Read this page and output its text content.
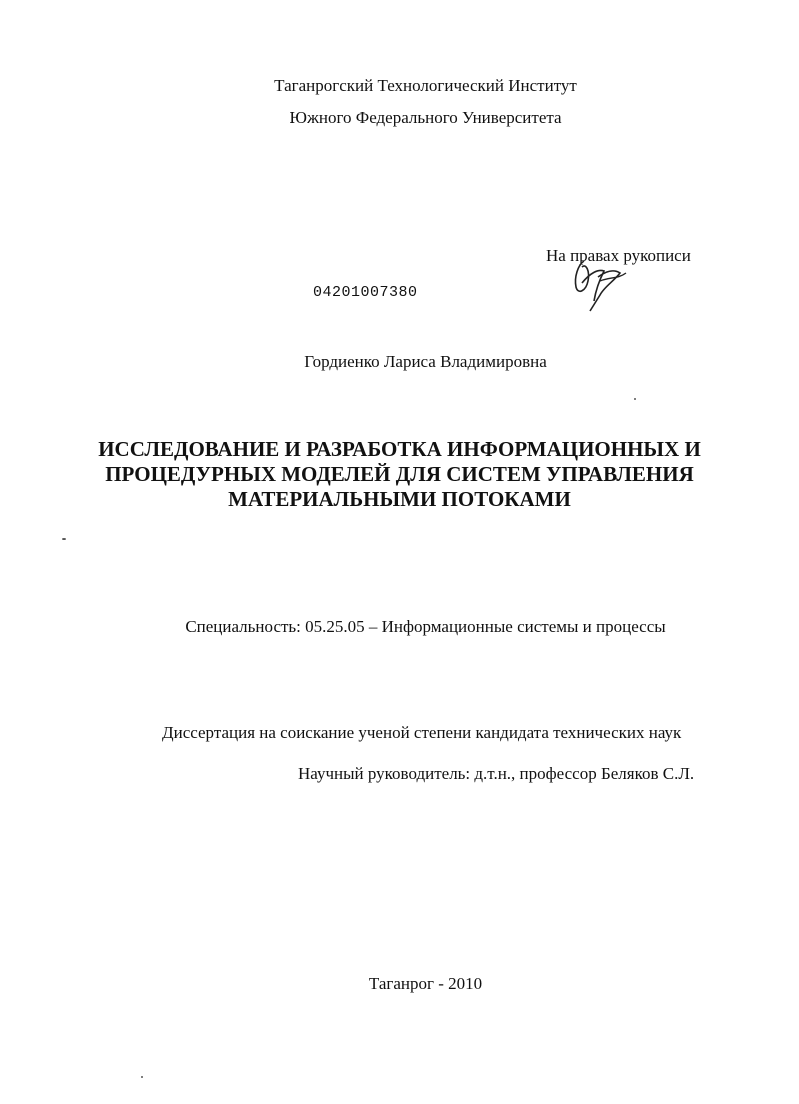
Таганрогский Технологический Институт
Южного Федерального Университета
На правах рукописи
04201007380
Гордиенко Лариса Владимировна
ИССЛЕДОВАНИЕ И РАЗРАБОТКА ИНФОРМАЦИОННЫХ И
ПРОЦЕДУРНЫХ МОДЕЛЕЙ ДЛЯ СИСТЕМ УПРАВЛЕНИЯ
МАТЕРИАЛЬНЫМИ ПОТОКАМИ
Специальность: 05.25.05 – Информационные системы и процессы
Диссертация на соискание ученой степени кандидата технических наук
Научный руководитель: д.т.н., профессор Беляков С.Л.
Таганрог - 2010
